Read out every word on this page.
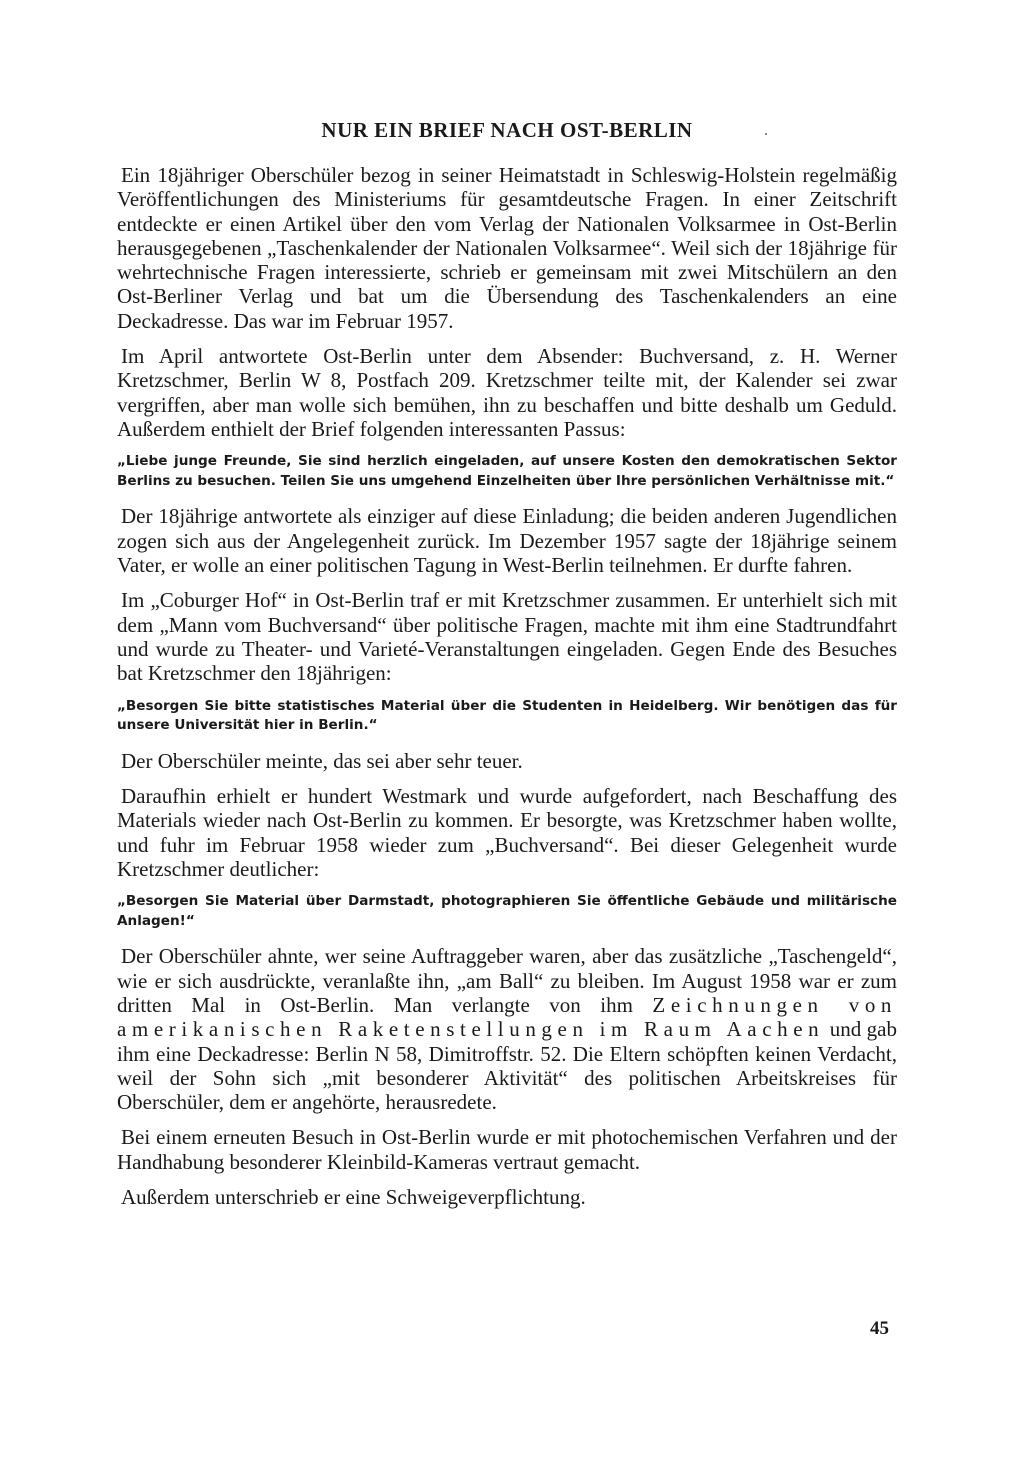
NUR EIN BRIEF NACH OST-BERLIN

Ein 18jähriger Oberschüler bezog in seiner Heimatstadt in Schleswig-Holstein regelmäßig Veröffentlichungen des Ministeriums für gesamtdeutsche Fragen. In einer Zeitschrift entdeckte er einen Artikel über den vom Verlag der Nationalen Volksarmee in Ost-Berlin herausgegebenen „Taschenkalender der Nationalen Volksarmee“. Weil sich der 18jährige für wehrtechnische Fragen interessierte, schrieb er gemeinsam mit zwei Mitschülern an den Ost-Berliner Verlag und bat um die Übersendung des Taschenkalenders an eine Deckadresse. Das war im Februar 1957.

Im April antwortete Ost-Berlin unter dem Absender: Buchversand, z. H. Werner Kretzschmer, Berlin W 8, Postfach 209. Kretzschmer teilte mit, der Kalender sei zwar vergriffen, aber man wolle sich bemühen, ihn zu beschaffen und bitte deshalb um Geduld. Außerdem enthielt der Brief folgenden interessanten Passus:

„Liebe junge Freunde, Sie sind herzlich eingeladen, auf unsere Kosten den demokratischen Sektor Berlins zu besuchen. Teilen Sie uns umgehend Einzelheiten über Ihre persönlichen Verhältnisse mit.“

Der 18jährige antwortete als einziger auf diese Einladung; die beiden anderen Jugendlichen zogen sich aus der Angelegenheit zurück. Im Dezember 1957 sagte der 18jährige seinem Vater, er wolle an einer politischen Tagung in West-Berlin teilnehmen. Er durfte fahren.

Im „Coburger Hof“ in Ost-Berlin traf er mit Kretzschmer zusammen. Er unterhielt sich mit dem „Mann vom Buchversand“ über politische Fragen, machte mit ihm eine Stadtrundfahrt und wurde zu Theater- und Varieté-Veranstaltungen eingeladen. Gegen Ende des Besuches bat Kretzschmer den 18jährigen:

„Besorgen Sie bitte statistisches Material über die Studenten in Heidelberg. Wir benötigen das für unsere Universität hier in Berlin.“

Der Oberschüler meinte, das sei aber sehr teuer.

Daraufhin erhielt er hundert Westmark und wurde aufgefordert, nach Beschaffung des Materials wieder nach Ost-Berlin zu kommen. Er besorgte, was Kretzschmer haben wollte, und fuhr im Februar 1958 wieder zum „Buchversand“. Bei dieser Gelegenheit wurde Kretzschmer deutlicher:

„Besorgen Sie Material über Darmstadt, photographieren Sie öffentliche Gebäude und militärische Anlagen!“

Der Oberschüler ahnte, wer seine Auftraggeber waren, aber das zusätzliche „Taschengeld“, wie er sich ausdrückte, veranlaßte ihn, „am Ball“ zu bleiben. Im August 1958 war er zum dritten Mal in Ost-Berlin. Man verlangte von ihm Zeichnungen von amerikanischen Raketenstellungen im Raum Aachen und gab ihm eine Deckadresse: Berlin N 58, Dimitroffstr. 52. Die Eltern schöpften keinen Verdacht, weil der Sohn sich „mit besonderer Aktivität“ des politischen Arbeitskreises für Oberschüler, dem er angehörte, herausredete.

Bei einem erneuten Besuch in Ost-Berlin wurde er mit photochemischen Verfahren und der Handhabung besonderer Kleinbild-Kameras vertraut gemacht.

Außerdem unterschrieb er eine Schweigeverpflichtung.

45
